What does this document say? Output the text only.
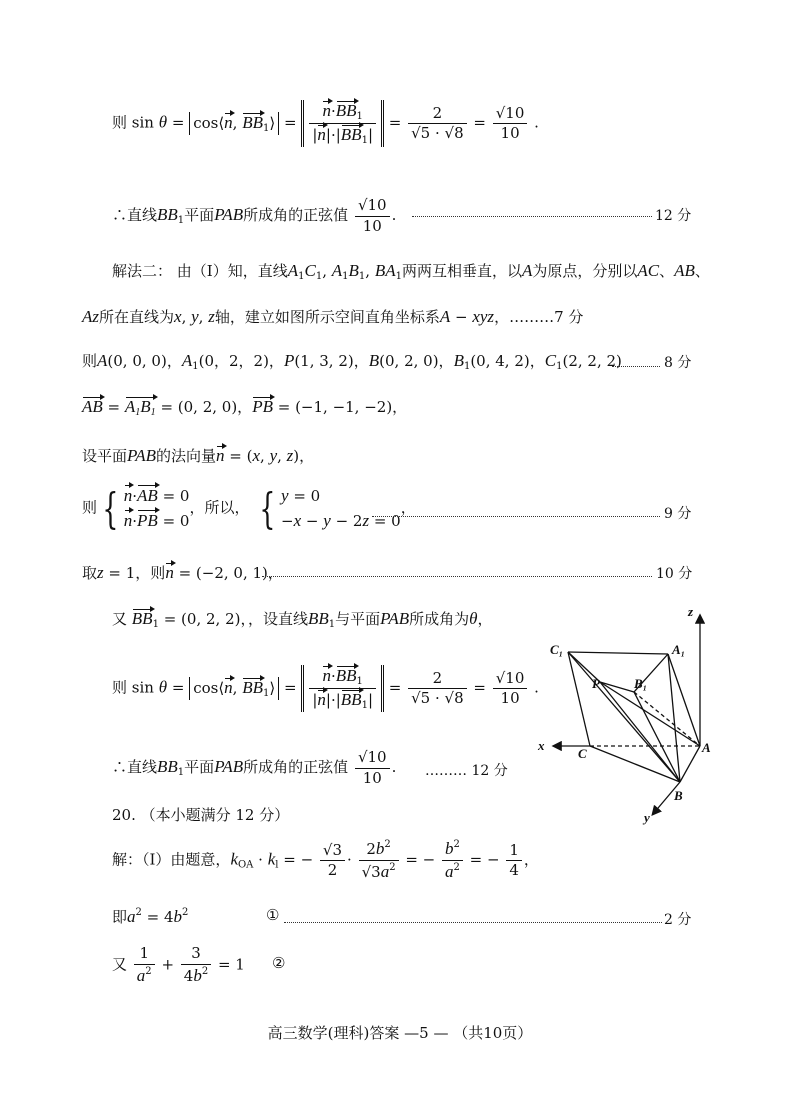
则 sin θ = cos⟨n, $BB_1⟩ = \frac{n\cdot BB_1}{|n|\cdot|BB_1|} = \frac{2}{√5 \cdot √8} = \frac{√10}{10}$ .
∴直线$BB_1$平面PAB所成角的正弦值 $\frac{√10}{10}$ .	12 分
解法二： 由（Ⅰ）知，直线$A_1C_1$, $A_1B_1$, $BA_1$两两互相垂直，以A为原点，分别以AC、AB、
Az所在直线为x, y, z轴，建立如图所示空间直角坐标系A − xyz，………7 分
则A(0, 0, 0)，$A_1(0$，2，2)，P(1, 3, 2)，B(0, 2, 0)，$B_1(0$, 4, 2)，$C_1(2$, 2, 2)	8 分
AB = $A_1B_1 = (0$, 2, 0)，PB = (−1, −1, −2)，
设平面PAB的法向量n = (x, y, z)，
则 { n·AB = 0
n·PB = 0，所以， { y = 0
−x − y − 2z = 0，	9 分
取z = 1，则n = (−2, 0, 1)，	10 分
又 $BB_1 = (0$, 2, 2)，，设直线$BB_1$与平面PAB所成角为θ，
则 sin θ = cos⟨n, $BB_1⟩ = \frac{n\cdot BB_1}{|n|\cdot|BB_1|} = \frac{2}{√5 \cdot √8} = \frac{√10}{10}$ .
∴直线$BB_1$平面PAB所成角的正弦值 $\frac{√10}{10}$ . ……… 12 分
20. （本小题满分 12 分）
解：（Ⅰ）由题意，$k_{OA} \cdot k_l$ = − $\frac{√3}{2} \cdot \frac{2b^2}{√3a^2}$ = − $\frac{b^2}{a^2}$ = − $\frac{1}{4}$ ，
即$a^2 = 4b^2$	①	2 分
又 $\frac{1}{a^2} + \frac{3}{4b^2} = 1$ ②
z
x
y
C₁	A₁
B₁
P
A
C
B
高三数学(理科)答案 —5 — （共10页）
